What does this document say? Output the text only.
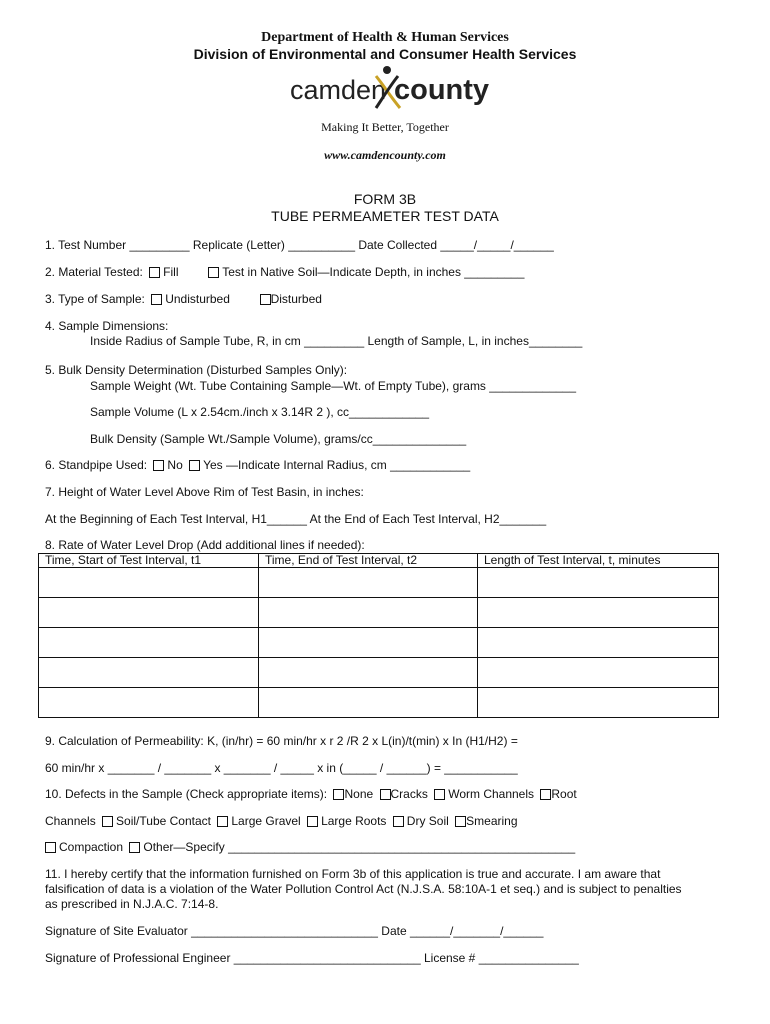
Department of Health & Human Services
Division of Environmental and Consumer Health Services
camden county
Making It Better, Together
www.camdencounty.com
FORM 3B
TUBE PERMEAMETER TEST DATA
1. Test Number _________ Replicate (Letter) __________ Date Collected _____/_____/______
2. Material Tested: Fill	Test in Native Soil—Indicate Depth, in inches _________
3. Type of Sample: Undisturbed	Disturbed
4. Sample Dimensions:
Inside Radius of Sample Tube, R, in cm _________ Length of Sample, L, in inches________
5. Bulk Density Determination (Disturbed Samples Only):
Sample Weight (Wt. Tube Containing Sample—Wt. of Empty Tube), grams _____________
Sample Volume (L x 2.54cm./inch x 3.14R 2 ), cc____________
Bulk Density (Sample Wt./Sample Volume), grams/cc______________
6. Standpipe Used: No Yes —Indicate Internal Radius, cm ____________
7. Height of Water Level Above Rim of Test Basin, in inches:
At the Beginning of Each Test Interval, H1______ At the End of Each Test Interval, H2_______
8. Rate of Water Level Drop (Add additional lines if needed):
Time, Start of Test Interval, t1	Time, End of Test Interval, t2	Length of Test Interval, t, minutes

9. Calculation of Permeability: K, (in/hr) = 60 min/hr x r 2 /R 2 x L(in)/t(min) x In (H1/H2) =
60 min/hr x _______ / _______ x _______ / _____ x in (_____ / ______) = ___________
10. Defects in the Sample (Check appropriate items): None Cracks Worm Channels Root
Channels Soil/Tube Contact Large Gravel Large Roots Dry Soil Smearing
Compaction Other—Specify ____________________________________________________
11. I hereby certify that the information furnished on Form 3b of this application is true and accurate. I am aware that
falsification of data is a violation of the Water Pollution Control Act (N.J.S.A. 58:10A-1 et seq.) and is subject to penalties
as prescribed in N.J.A.C. 7:14-8.
Signature of Site Evaluator ____________________________ Date ______/_______/______
Signature of Professional Engineer ____________________________ License # _______________
